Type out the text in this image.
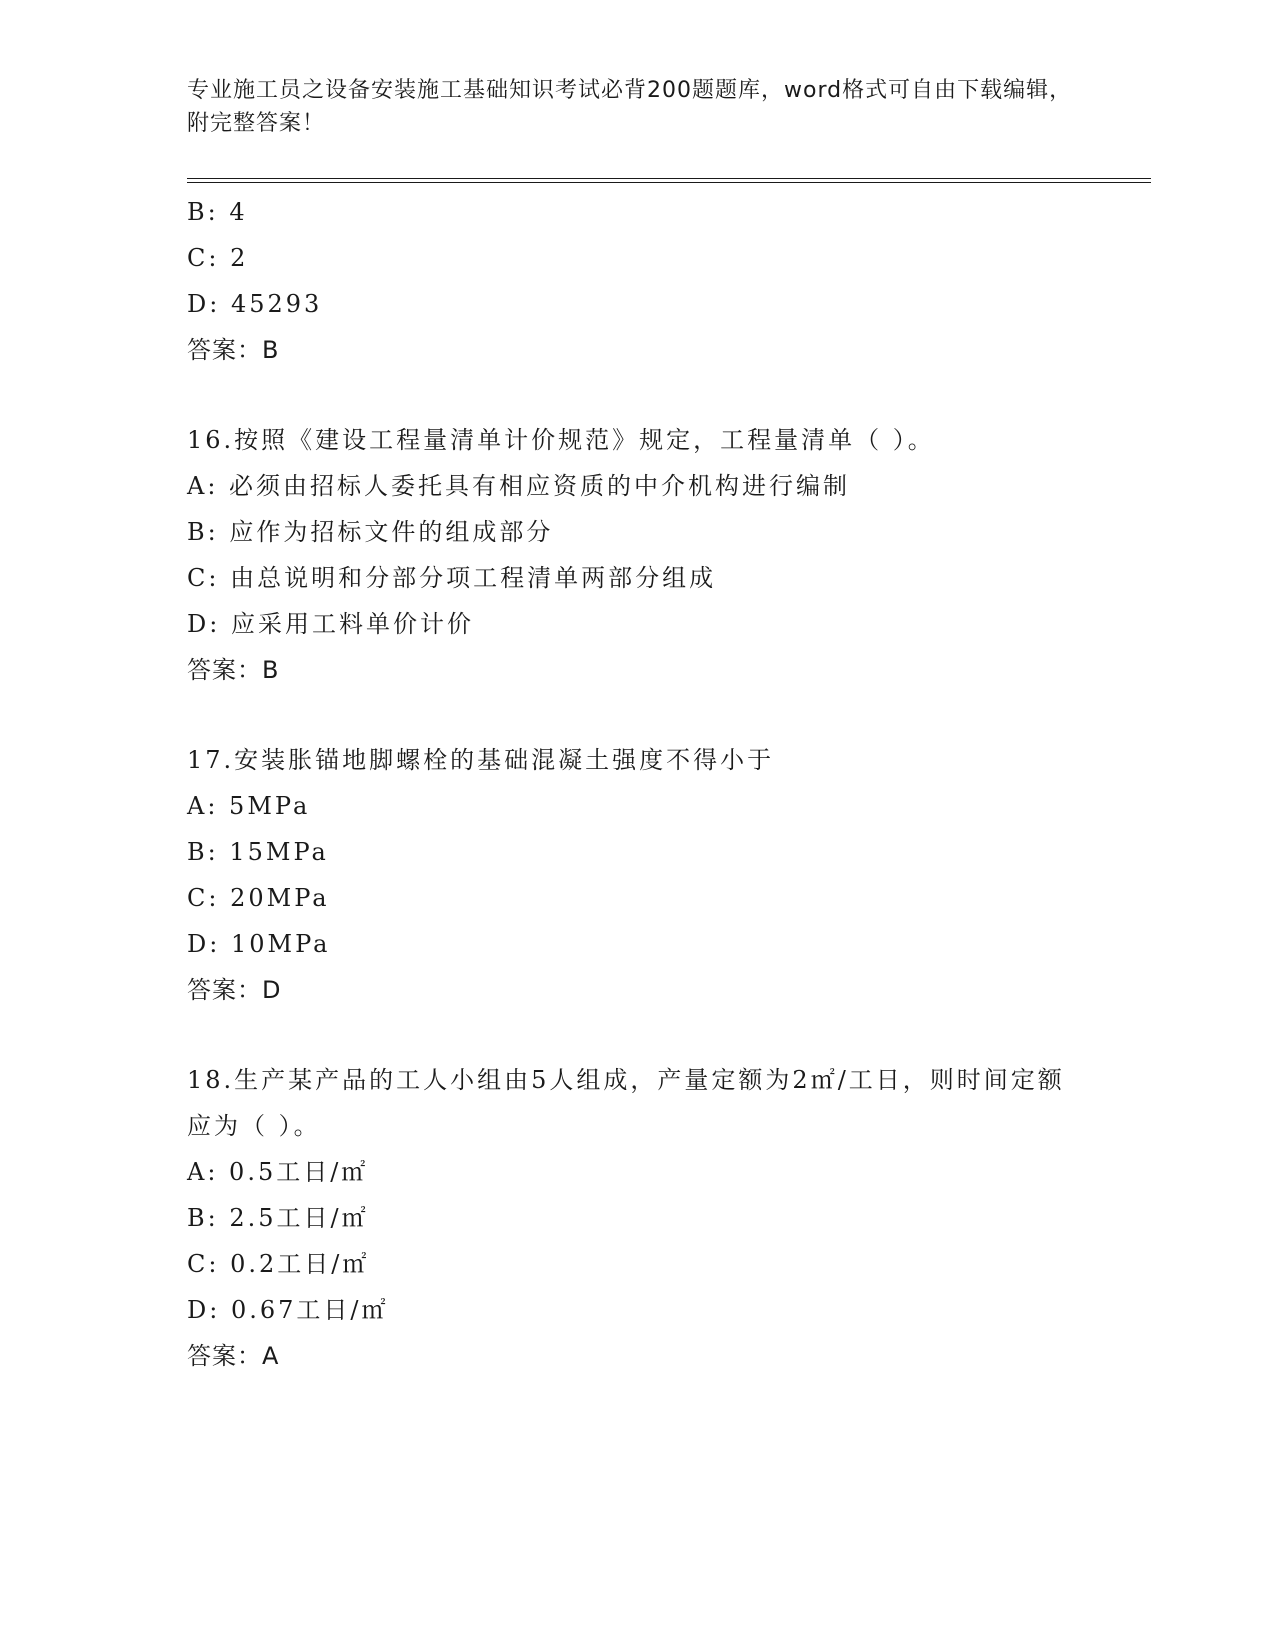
专业施工员之设备安装施工基础知识考试必背200题题库，word格式可自由下载编辑，附完整答案！
B: 4
C: 2
D: 45293
答案：B
16.按照《建设工程量清单计价规范》规定，工程量清单（ ）。
A: 必须由招标人委托具有相应资质的中介机构进行编制
B: 应作为招标文件的组成部分
C: 由总说明和分部分项工程清单两部分组成
D: 应采用工料单价计价
答案：B
17.安装胀锚地脚螺栓的基础混凝土强度不得小于
A: 5MPa
B: 15MPa
C: 20MPa
D: 10MPa
答案：D
18.生产某产品的工人小组由5人组成，产量定额为2㎡/工日，则时间定额应为（ ）。
A: 0.5工日/㎡
B: 2.5工日/㎡
C: 0.2工日/㎡
D: 0.67工日/㎡
答案：A
